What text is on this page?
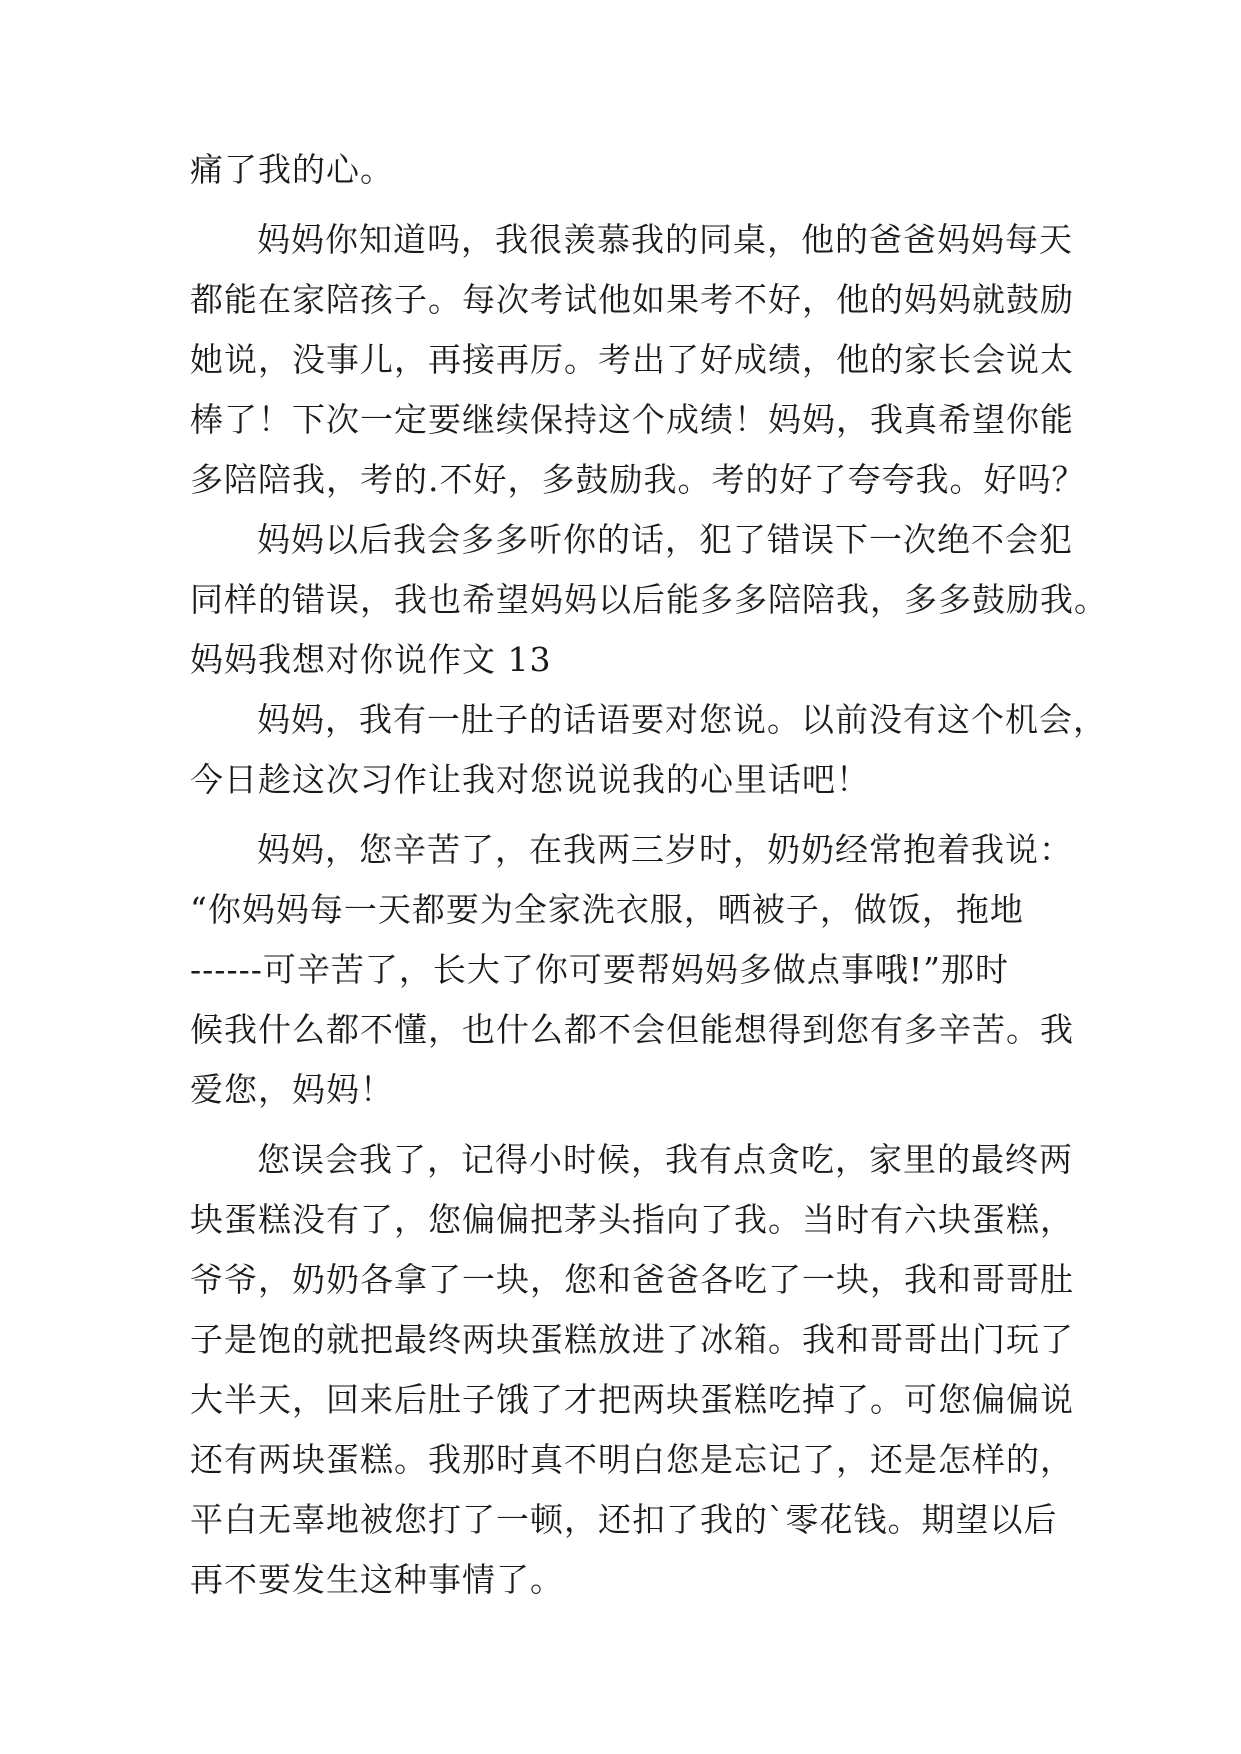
痛了我的心。
妈妈你知道吗，我很羡慕我的同桌，他的爸爸妈妈每天
都能在家陪孩子。每次考试他如果考不好，他的妈妈就鼓励
她说，没事儿，再接再厉。考出了好成绩，他的家长会说太
棒了！下次一定要继续保持这个成绩！妈妈，我真希望你能
多陪陪我，考的.不好，多鼓励我。考的好了夸夸我。好吗？
妈妈以后我会多多听你的话，犯了错误下一次绝不会犯
同样的错误，我也希望妈妈以后能多多陪陪我，多多鼓励我。
妈妈我想对你说作文 13
妈妈，我有一肚子的话语要对您说。以前没有这个机会，
今日趁这次习作让我对您说说我的心里话吧！
妈妈，您辛苦了，在我两三岁时，奶奶经常抱着我说：
“你妈妈每一天都要为全家洗衣服，晒被子，做饭，拖地
------可辛苦了，长大了你可要帮妈妈多做点事哦!”那时
候我什么都不懂，也什么都不会但能想得到您有多辛苦。我
爱您，妈妈！
您误会我了，记得小时候，我有点贪吃，家里的最终两
块蛋糕没有了，您偏偏把茅头指向了我。当时有六块蛋糕，
爷爷，奶奶各拿了一块，您和爸爸各吃了一块，我和哥哥肚
子是饱的就把最终两块蛋糕放进了冰箱。我和哥哥出门玩了
大半天，回来后肚子饿了才把两块蛋糕吃掉了。可您偏偏说
还有两块蛋糕。我那时真不明白您是忘记了，还是怎样的，
平白无辜地被您打了一顿，还扣了我的`零花钱。期望以后
再不要发生这种事情了。
